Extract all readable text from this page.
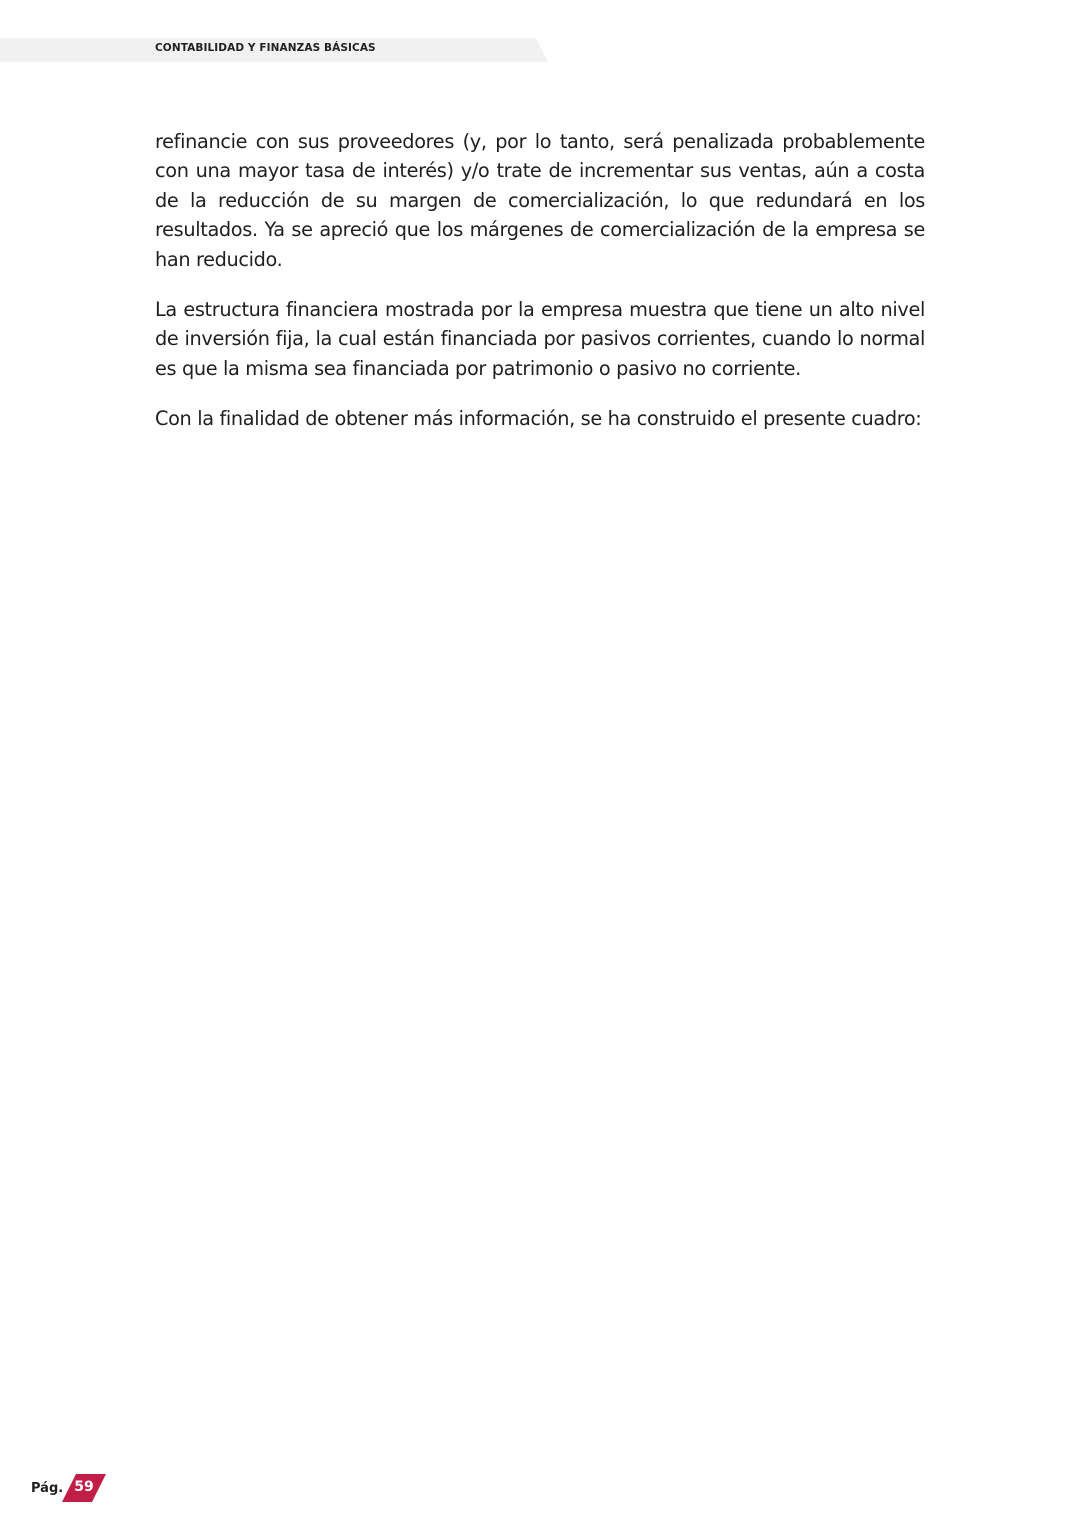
CONTABILIDAD Y FINANZAS BÁSICAS

refinancie con sus proveedores (y, por lo tanto, será penalizada probablemente con una mayor tasa de interés) y/o trate de incrementar sus ventas, aún a costa de la reducción de su margen de comercialización, lo que redundará en los resultados. Ya se apreció que los márgenes de comercialización de la empresa se han reducido.

La estructura financiera mostrada por la empresa muestra que tiene un alto nivel de inversión fija, la cual están financiada por pasivos corrientes, cuando lo normal es que la misma sea financiada por patrimonio o pasivo no corriente.

Con la finalidad de obtener más información, se ha construido el presente cuadro:

Pág. 59
